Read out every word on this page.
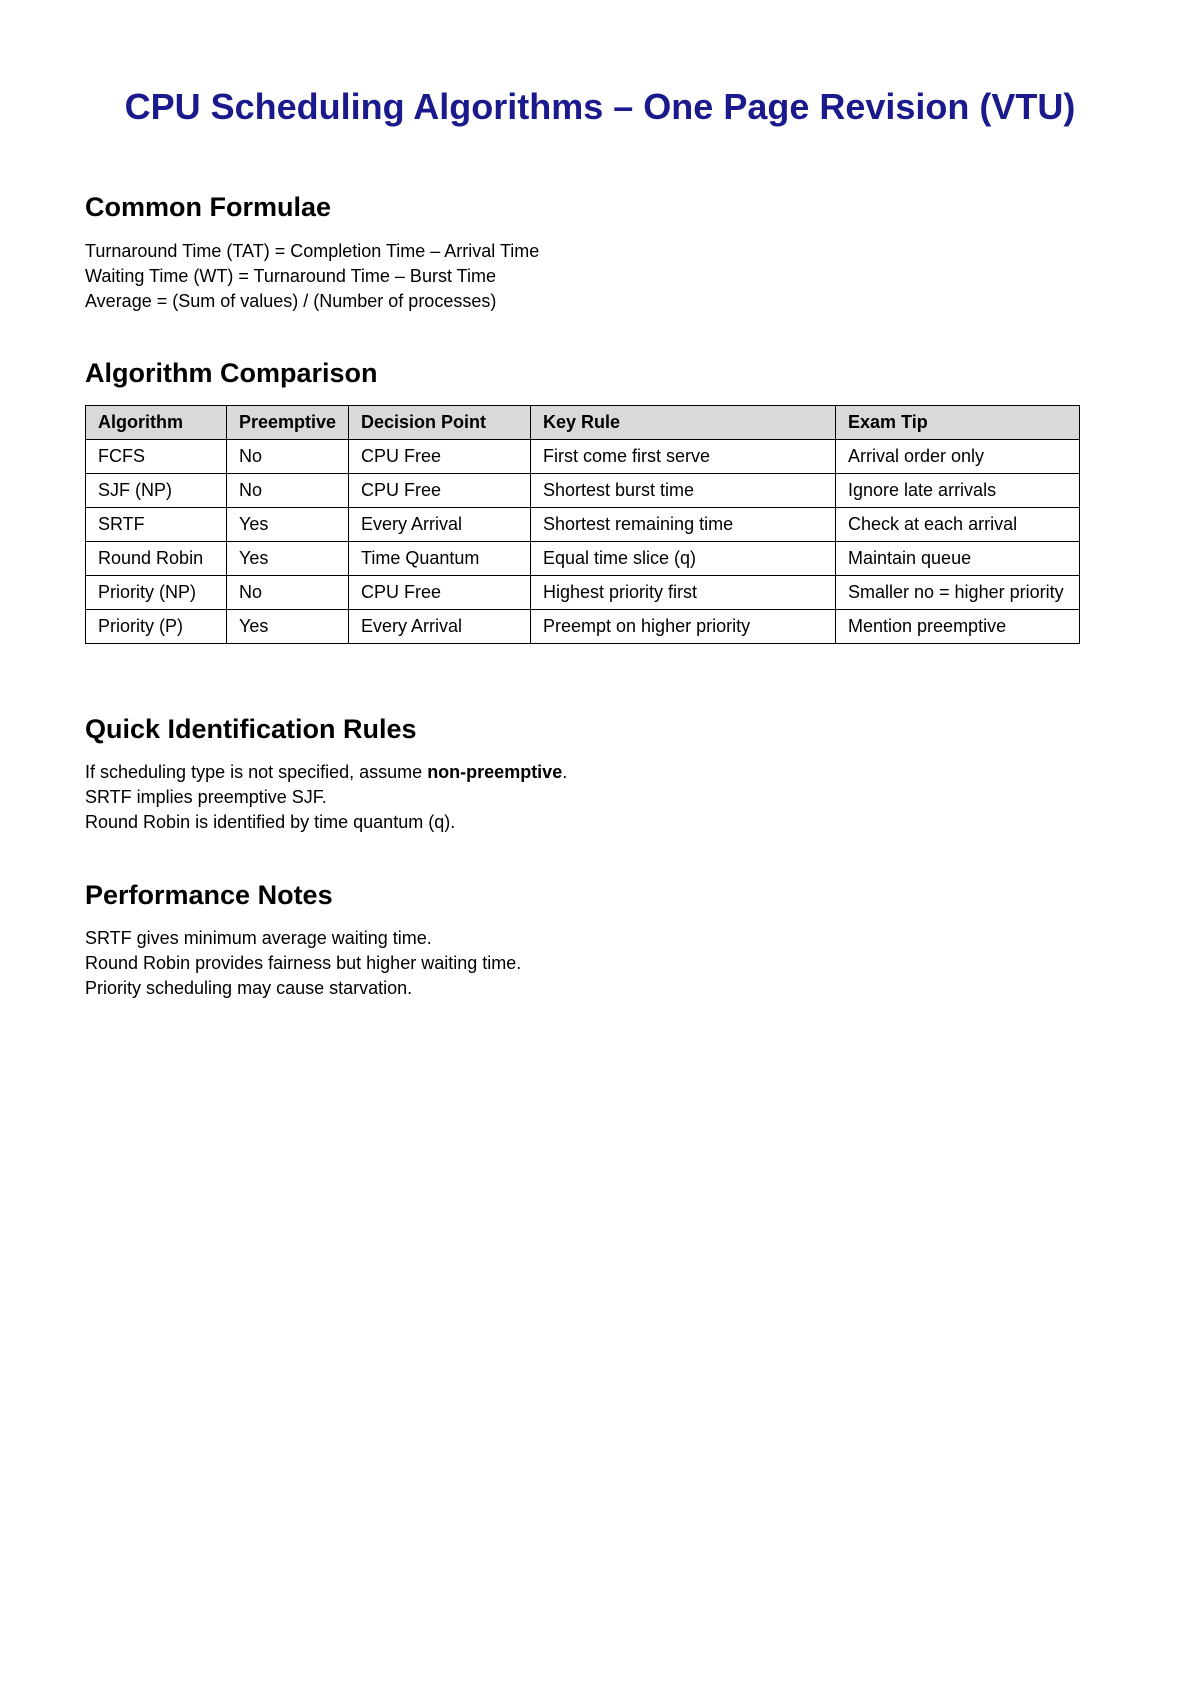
CPU Scheduling Algorithms – One Page Revision (VTU)
Common Formulae
Turnaround Time (TAT) = Completion Time – Arrival Time
Waiting Time (WT) = Turnaround Time – Burst Time
Average = (Sum of values) / (Number of processes)
Algorithm Comparison
Algorithm	Preemptive	Decision Point	Key Rule	Exam Tip
FCFS	No	CPU Free	First come first serve	Arrival order only
SJF (NP)	No	CPU Free	Shortest burst time	Ignore late arrivals
SRTF	Yes	Every Arrival	Shortest remaining time	Check at each arrival
Round Robin	Yes	Time Quantum	Equal time slice (q)	Maintain queue
Priority (NP)	No	CPU Free	Highest priority first	Smaller no = higher priority
Priority (P)	Yes	Every Arrival	Preempt on higher priority	Mention preemptive
Quick Identification Rules
If scheduling type is not specified, assume non-preemptive.
SRTF implies preemptive SJF.
Round Robin is identified by time quantum (q).
Performance Notes
SRTF gives minimum average waiting time.
Round Robin provides fairness but higher waiting time.
Priority scheduling may cause starvation.
